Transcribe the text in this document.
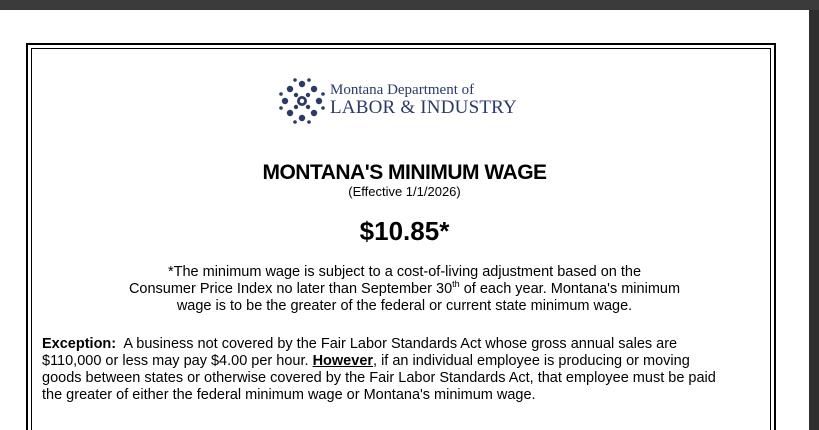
Montana Department of
LABOR & INDUSTRY
MONTANA'S MINIMUM WAGE
(Effective 1/1/2026)
$10.85*
*The minimum wage is subject to a cost-of-living adjustment based on the
Consumer Price Index no later than September 30th of each year. Montana's minimum
wage is to be the greater of the federal or current state minimum wage.
Exception:  A business not covered by the Fair Labor Standards Act whose gross annual sales are
$110,000 or less may pay $4.00 per hour. However, if an individual employee is producing or moving
goods between states or otherwise covered by the Fair Labor Standards Act, that employee must be paid
the greater of either the federal minimum wage or Montana's minimum wage.
